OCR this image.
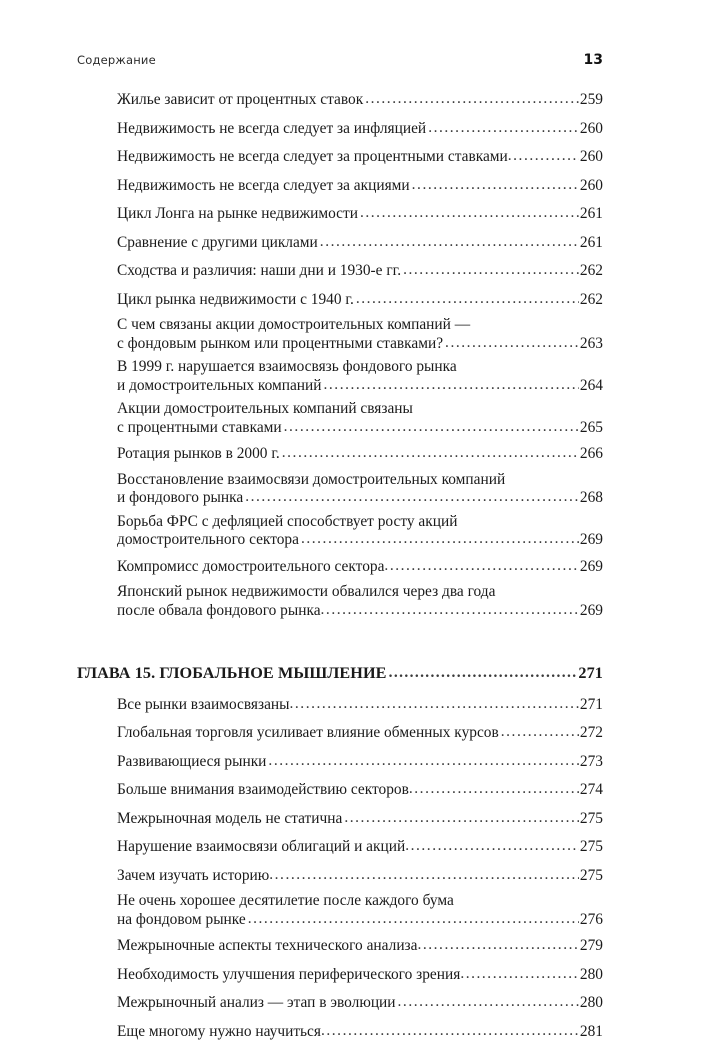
Содержание	13
Жилье зависит от процентных ставок .....	259
Недвижимость не всегда следует за инфляцией .....	260
Недвижимость не всегда следует за процентными ставками .....	260
Недвижимость не всегда следует за акциями .....	260
Цикл Лонга на рынке недвижимости .....	261
Сравнение с другими циклами .....	261
Сходства и различия: наши дни и 1930-е гг. .....	262
Цикл рынка недвижимости с 1940 г. .....	262
С чем связаны акции домостроительных компаний —
с фондовым рынком или процентными ставками? .....	263
В 1999 г. нарушается взаимосвязь фондового рынка
и домостроительных компаний .....	264
Акции домостроительных компаний связаны
с процентными ставками .....	265
Ротация рынков в 2000 г. .....	266
Восстановление взаимосвязи домостроительных компаний
и фондового рынка .....	268
Борьба ФРС с дефляцией способствует росту акций
домостроительного сектора .....	269
Компромисс домостроительного сектора .....	269
Японский рынок недвижимости обвалился через два года
после обвала фондового рынка .....	269
ГЛАВА 15. ГЛОБАЛЬНОЕ МЫШЛЕНИЕ .....	271
Все рынки взаимосвязаны .....	271
Глобальная торговля усиливает влияние обменных курсов .....	272
Развивающиеся рынки .....	273
Больше внимания взаимодействию секторов .....	274
Межрыночная модель не статична .....	275
Нарушение взаимосвязи облигаций и акций .....	275
Зачем изучать историю .....	275
Не очень хорошее десятилетие после каждого бума
на фондовом рынке .....	276
Межрыночные аспекты технического анализа .....	279
Необходимость улучшения периферического зрения .....	280
Межрыночный анализ — этап в эволюции .....	280
Еще многому нужно научиться .....	281
